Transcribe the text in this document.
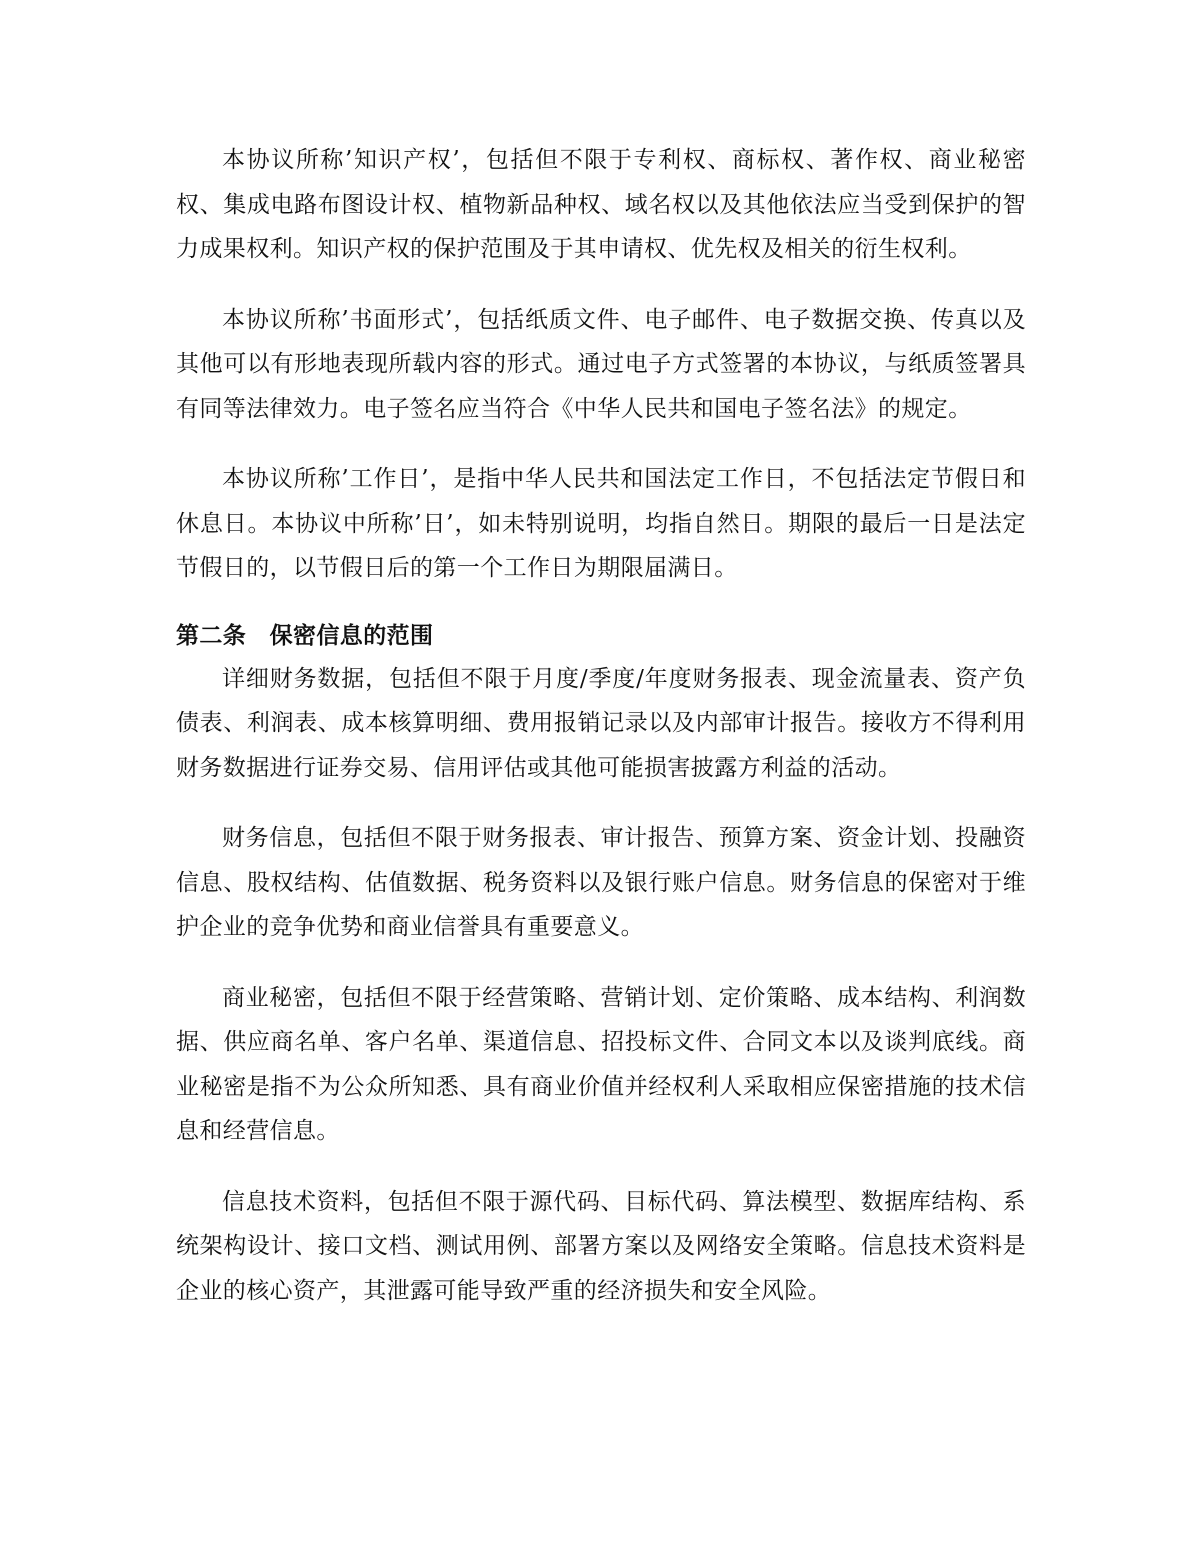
本协议所称’知识产权’，包括但不限于专利权、商标权、著作权、商业秘密权、集成电路布图设计权、植物新品种权、域名权以及其他依法应当受到保护的智力成果权利。知识产权的保护范围及于其申请权、优先权及相关的衍生权利。

本协议所称’书面形式’，包括纸质文件、电子邮件、电子数据交换、传真以及其他可以有形地表现所载内容的形式。通过电子方式签署的本协议，与纸质签署具有同等法律效力。电子签名应当符合《中华人民共和国电子签名法》的规定。

本协议所称’工作日’，是指中华人民共和国法定工作日，不包括法定节假日和休息日。本协议中所称’日’，如未特别说明，均指自然日。期限的最后一日是法定节假日的，以节假日后的第一个工作日为期限届满日。

第二条　保密信息的范围

详细财务数据，包括但不限于月度/季度/年度财务报表、现金流量表、资产负债表、利润表、成本核算明细、费用报销记录以及内部审计报告。接收方不得利用财务数据进行证券交易、信用评估或其他可能损害披露方利益的活动。

财务信息，包括但不限于财务报表、审计报告、预算方案、资金计划、投融资信息、股权结构、估值数据、税务资料以及银行账户信息。财务信息的保密对于维护企业的竞争优势和商业信誉具有重要意义。

商业秘密，包括但不限于经营策略、营销计划、定价策略、成本结构、利润数据、供应商名单、客户名单、渠道信息、招投标文件、合同文本以及谈判底线。商业秘密是指不为公众所知悉、具有商业价值并经权利人采取相应保密措施的技术信息和经营信息。

信息技术资料，包括但不限于源代码、目标代码、算法模型、数据库结构、系统架构设计、接口文档、测试用例、部署方案以及网络安全策略。信息技术资料是企业的核心资产，其泄露可能导致严重的经济损失和安全风险。
